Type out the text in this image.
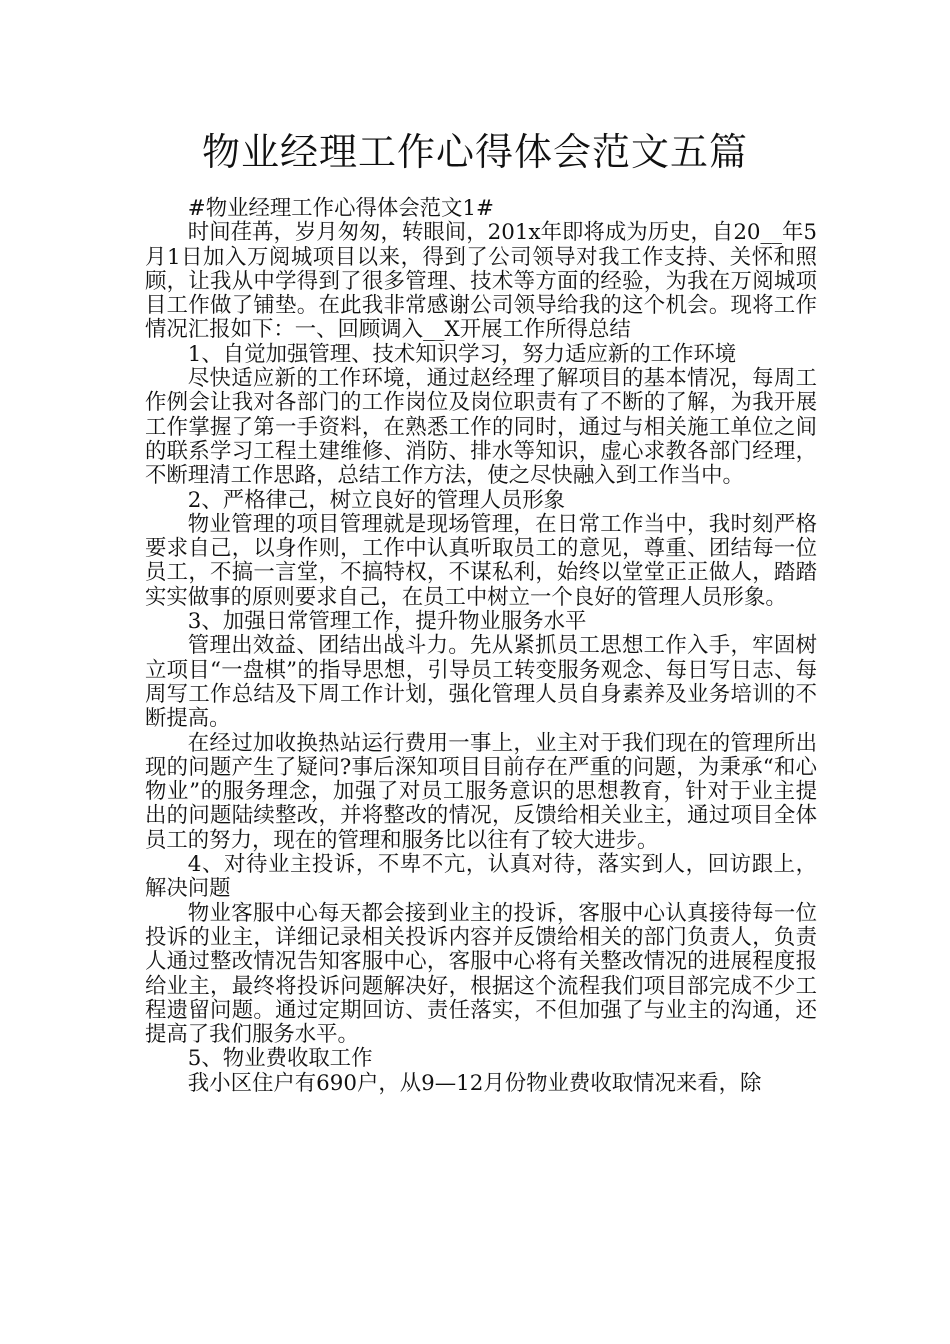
物业经理工作心得体会范文五篇

#物业经理工作心得体会范文1#

时间荏苒，岁月匆匆，转眼间，201x年即将成为历史，自20__年5月1日加入万阅城项目以来，得到了公司领导对我工作支持、关怀和照顾，让我从中学得到了很多管理、技术等方面的经验，为我在万阅城项目工作做了铺垫。在此我非常感谢公司领导给我的这个机会。现将工作情况汇报如下：一、回顾调入__X开展工作所得总结

1、自觉加强管理、技术知识学习，努力适应新的工作环境

尽快适应新的工作环境，通过赵经理了解项目的基本情况，每周工作例会让我对各部门的工作岗位及岗位职责有了不断的了解，为我开展工作掌握了第一手资料，在熟悉工作的同时，通过与相关施工单位之间的联系学习工程土建维修、消防、排水等知识，虚心求教各部门经理，不断理清工作思路，总结工作方法，使之尽快融入到工作当中。

2、严格律己，树立良好的管理人员形象

物业管理的项目管理就是现场管理，在日常工作当中，我时刻严格要求自己，以身作则，工作中认真听取员工的意见，尊重、团结每一位员工，不搞一言堂，不搞特权，不谋私利，始终以堂堂正正做人，踏踏实实做事的原则要求自己，在员工中树立一个良好的管理人员形象。

3、加强日常管理工作，提升物业服务水平

管理出效益、团结出战斗力。先从紧抓员工思想工作入手，牢固树立项目“一盘棋”的指导思想，引导员工转变服务观念、每日写日志、每周写工作总结及下周工作计划，强化管理人员自身素养及业务培训的不断提高。

在经过加收换热站运行费用一事上，业主对于我们现在的管理所出现的问题产生了疑问?事后深知项目目前存在严重的问题，为秉承“和心物业”的服务理念，加强了对员工服务意识的思想教育，针对于业主提出的问题陆续整改，并将整改的情况，反馈给相关业主，通过项目全体员工的努力，现在的管理和服务比以往有了较大进步。

4、对待业主投诉，不卑不亢，认真对待，落实到人，回访跟上，解决问题

物业客服中心每天都会接到业主的投诉，客服中心认真接待每一位投诉的业主，详细记录相关投诉内容并反馈给相关的部门负责人，负责人通过整改情况告知客服中心，客服中心将有关整改情况的进展程度报给业主，最终将投诉问题解决好，根据这个流程我们项目部完成不少工程遗留问题。通过定期回访、责任落实，不但加强了与业主的沟通，还提高了我们服务水平。

5、物业费收取工作

我小区住户有690户，从9—12月份物业费收取情况来看，除
